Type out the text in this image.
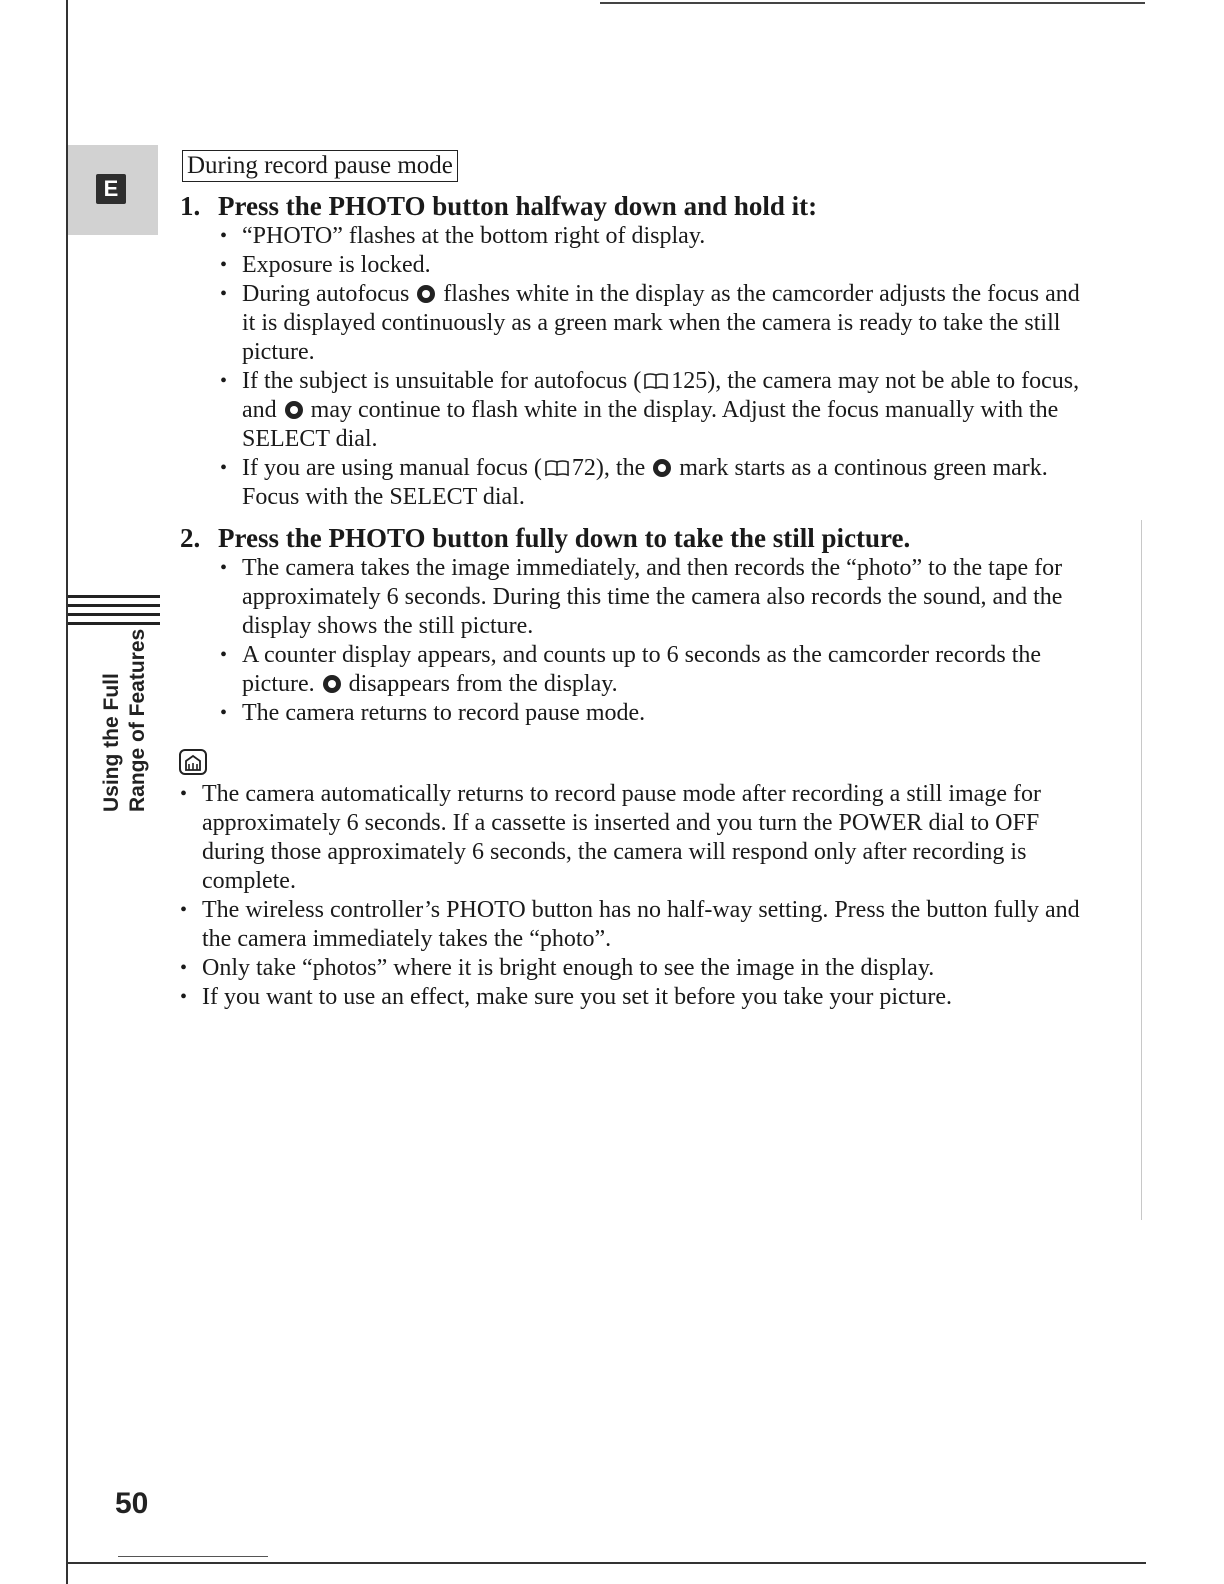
E
Using the Full Range of Features
50
During record pause mode
1. Press the PHOTO button halfway down and hold it:
• “PHOTO” flashes at the bottom right of display.
• Exposure is locked.
• During autofocus flashes white in the display as the camcorder adjusts the focus and it is displayed continuously as a green mark when the camera is ready to take the still picture.
• If the subject is unsuitable for autofocus ( 125), the camera may not be able to focus, and may continue to flash white in the display. Adjust the focus manually with the SELECT dial.
• If you are using manual focus ( 72), the mark starts as a continous green mark. Focus with the SELECT dial.
2. Press the PHOTO button fully down to take the still picture.
• The camera takes the image immediately, and then records the “photo” to the tape for approximately 6 seconds. During this time the camera also records the sound, and the display shows the still picture.
• A counter display appears, and counts up to 6 seconds as the camcorder records the picture. disappears from the display.
• The camera returns to record pause mode.
• The camera automatically returns to record pause mode after recording a still image for approximately 6 seconds. If a cassette is inserted and you turn the POWER dial to OFF during those approximately 6 seconds, the camera will respond only after recording is complete.
• The wireless controller’s PHOTO button has no half-way setting. Press the button fully and the camera immediately takes the “photo”.
• Only take “photos” where it is bright enough to see the image in the display.
• If you want to use an effect, make sure you set it before you take your picture.
